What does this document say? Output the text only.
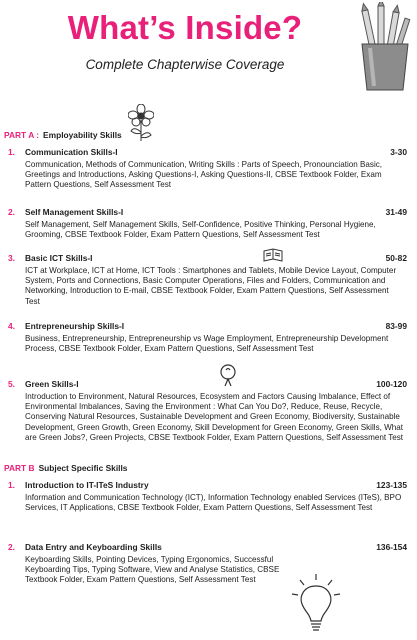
What’s Inside?
Complete Chapterwise Coverage
PART A : Employability Skills
1. Communication Skills-I	3-30
Communication, Methods of Communication, Writing Skills : Parts of Speech, Pronounciation Basic, Greetings and Introductions, Asking Questions-I, Asking Questions-II, CBSE Textbook Folder, Exam Pattern Questions, Self Assessment Test
2. Self Management Skills-I	31-49
Self Management, Self Management Skills, Self-Confidence, Positive Thinking, Personal Hygiene, Grooming, CBSE Textbook Folder, Exam Pattern Questions, Self Assessment Test
3. Basic ICT Skills-I	50-82
ICT at Workplace, ICT at Home, ICT Tools : Smartphones and Tablets, Mobile Device Layout, Computer System, Ports and Connections, Basic Computer Operations, Files and Folders, Communication and Networking, Introduction to E-mail, CBSE Textbook Folder, Exam Pattern Questions, Self Assessment Test
4. Entrepreneurship Skills-I	83-99
Business, Entrepreneurship, Entrepreneurship vs Wage Employment, Entrepreneurship Development Process, CBSE Textbook Folder, Exam Pattern Questions, Self Assessment Test
5. Green Skills-I	100-120
Introduction to Environment, Natural Resources, Ecosystem and Factors Causing Imbalance, Effect of Environmental Imbalances, Saving the Environment : What Can You Do?, Reduce, Reuse, Recycle, Conserving Natural Resources, Sustainable Development and Green Economy, Biodiversity, Sustainable Development, Green Growth, Green Economy, Skill Development for Green Economy, Green Skills, What are Green Jobs?, Green Projects, CBSE Textbook Folder, Exam Pattern Questions, Self Assessment Test
PART B Subject Specific Skills
1. Introduction to IT-ITeS Industry	123-135
Information and Communication Technology (ICT), Information Technology enabled Services (ITeS), BPO Services, IT Applications, CBSE Textbook Folder, Exam Pattern Questions, Self Assessment Test
2. Data Entry and Keyboarding Skills	136-154
Keyboarding Skills, Pointing Devices, Typing Ergonomics, Successful Keyboarding Tips, Typing Software, View and Analyse Statistics, CBSE Textbook Folder, Exam Pattern Questions, Self Assessment Test
